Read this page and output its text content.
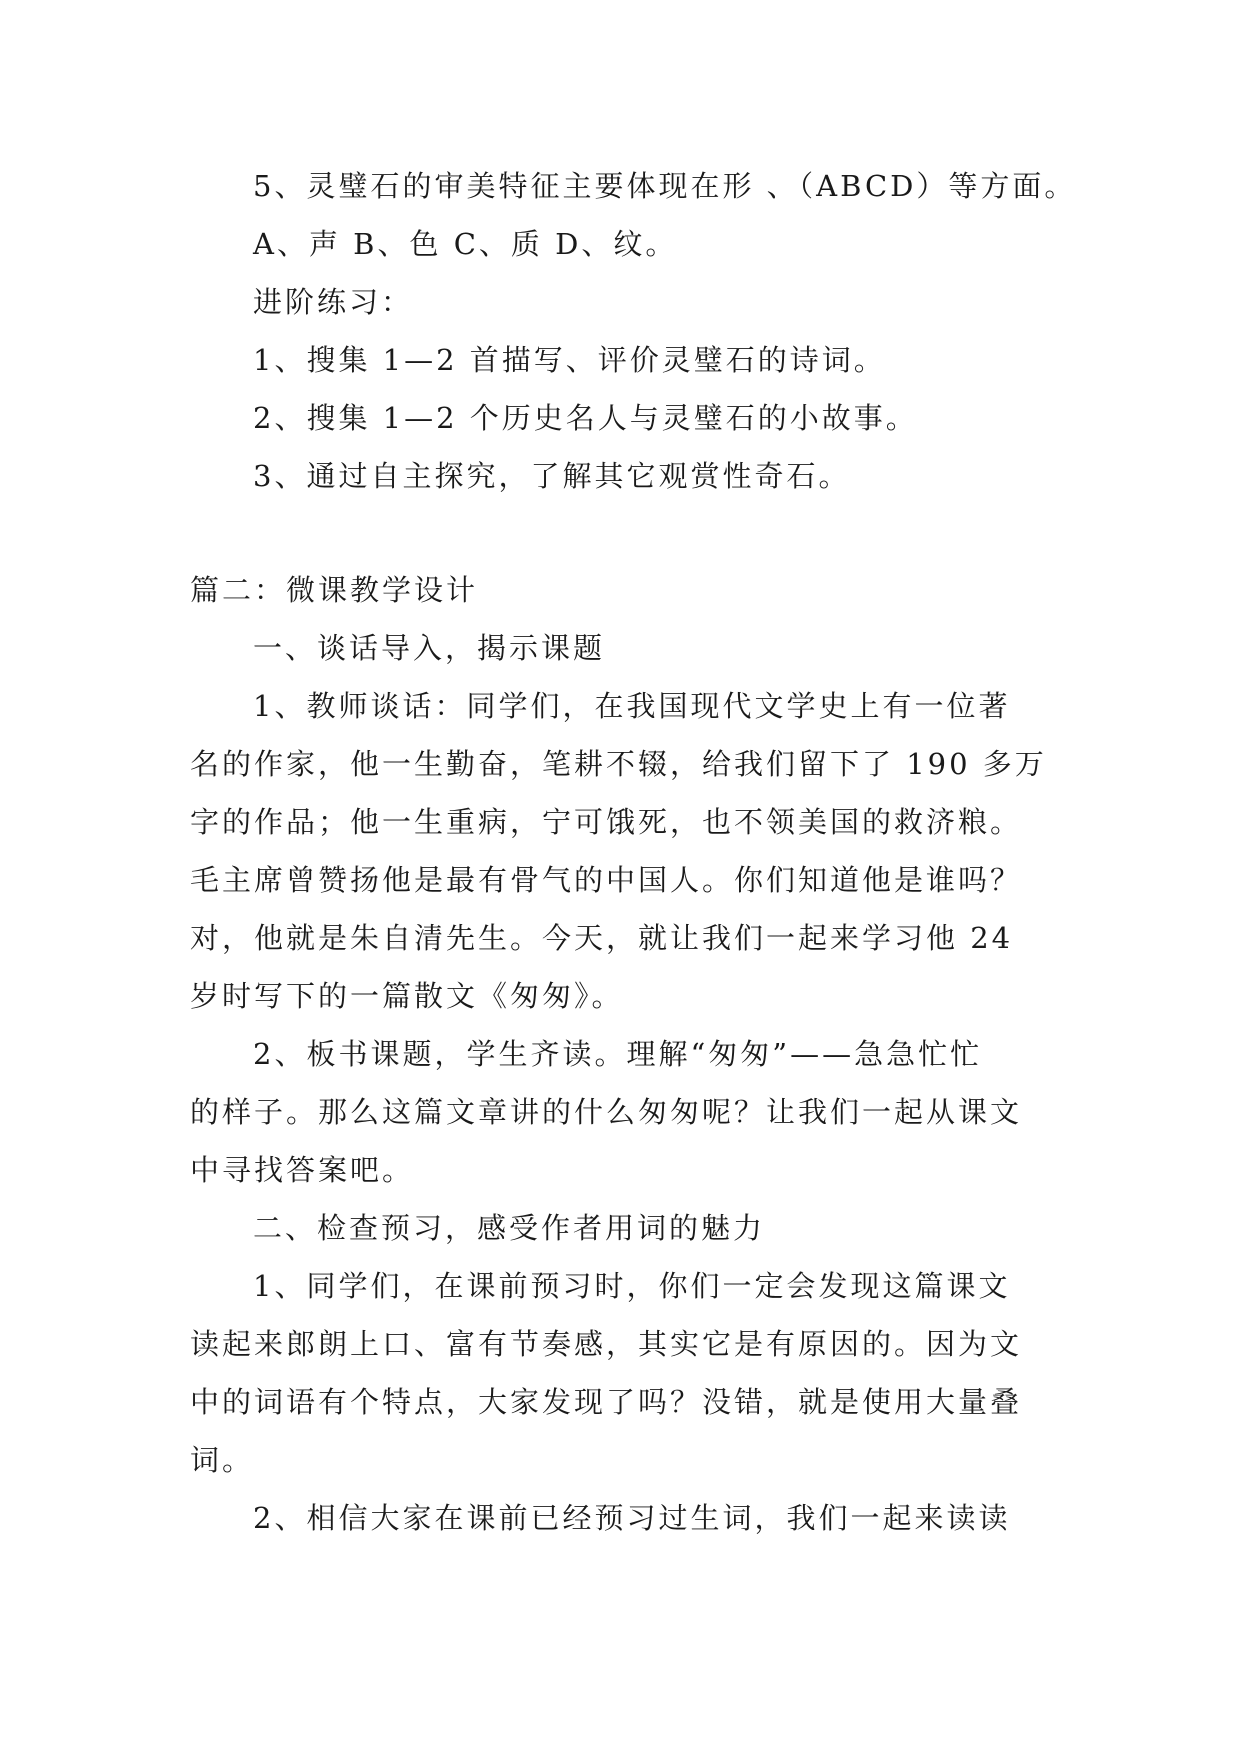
5、灵璧石的审美特征主要体现在形 、（ABCD）等方面。
A、声 B、色 C、质 D、纹。
进阶练习：
1、搜集 1—2 首描写、评价灵璧石的诗词。
2、搜集 1—2 个历史名人与灵璧石的小故事。
3、通过自主探究，了解其它观赏性奇石。
篇二：微课教学设计
一、谈话导入，揭示课题
1、教师谈话：同学们，在我国现代文学史上有一位著
名的作家，他一生勤奋，笔耕不辍，给我们留下了 190 多万
字的作品；他一生重病，宁可饿死，也不领美国的救济粮。
毛主席曾赞扬他是最有骨气的中国人。你们知道他是谁吗？
对，他就是朱自清先生。今天，就让我们一起来学习他 24
岁时写下的一篇散文《匆匆》。
2、板书课题，学生齐读。理解“匆匆”——急急忙忙
的样子。那么这篇文章讲的什么匆匆呢？让我们一起从课文
中寻找答案吧。
二、检查预习，感受作者用词的魅力
1、同学们，在课前预习时，你们一定会发现这篇课文
读起来郎朗上口、富有节奏感，其实它是有原因的。因为文
中的词语有个特点，大家发现了吗？没错，就是使用大量叠
词。
2、相信大家在课前已经预习过生词，我们一起来读读
